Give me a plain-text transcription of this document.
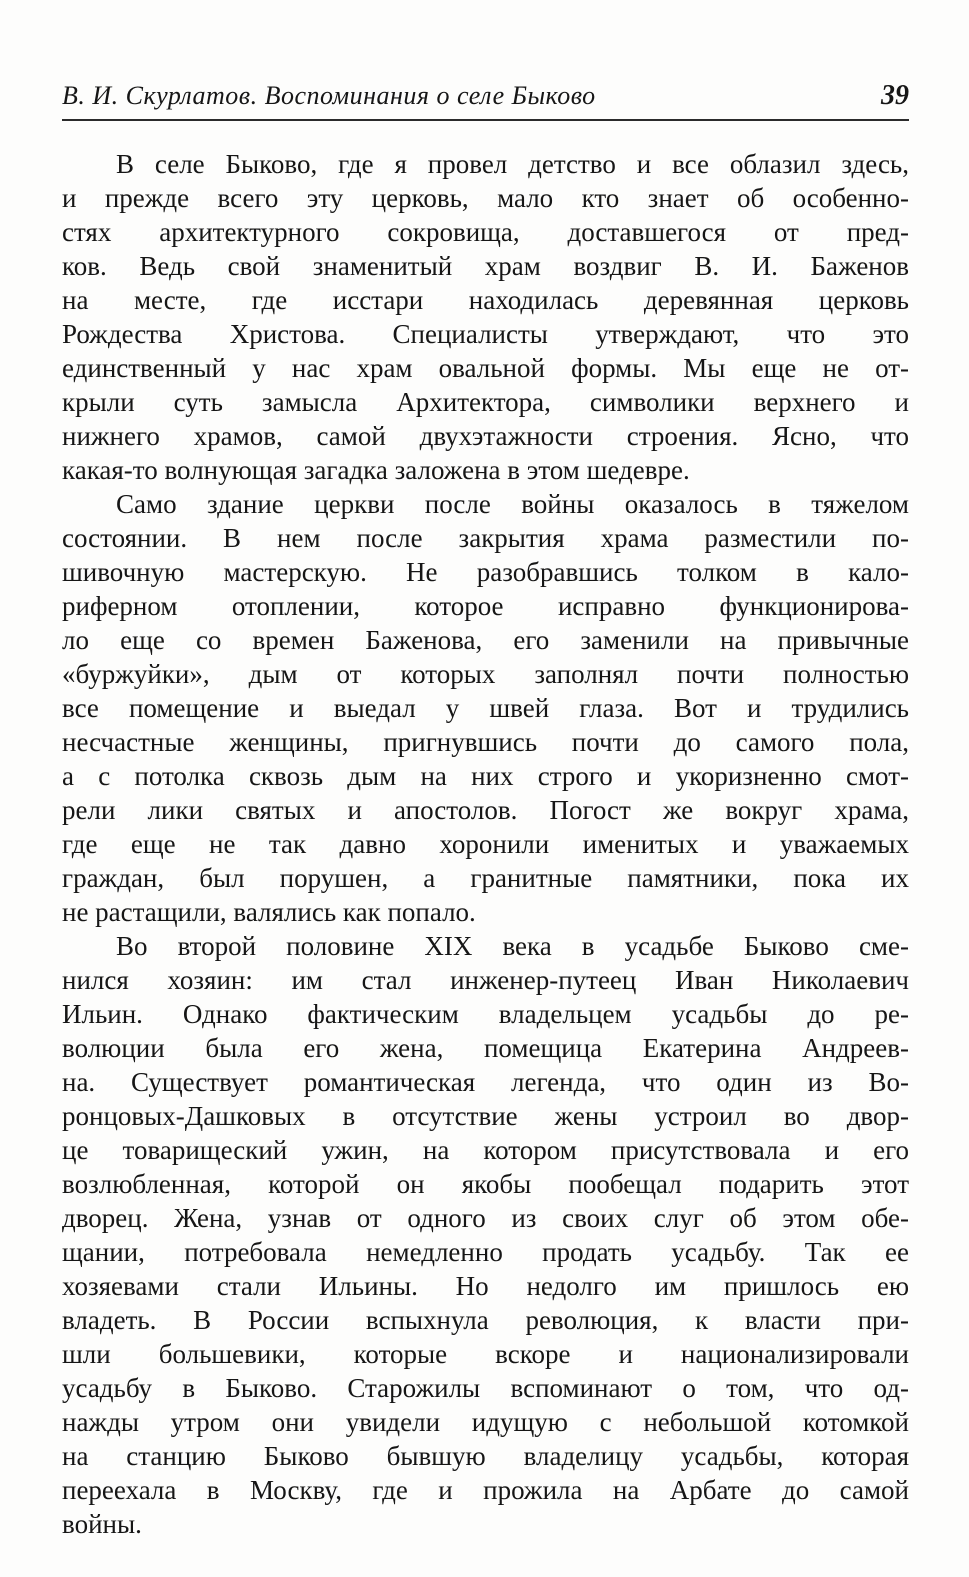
В. И. Скурлатов. Воспоминания о селе Быково	39
В селе Быково, где я провел детство и все облазил здесь,
и прежде всего эту церковь, мало кто знает об особенно-
стях архитектурного сокровища, доставшегося от пред-
ков. Ведь свой знаменитый храм воздвиг В. И. Баженов
на месте, где исстари находилась деревянная церковь
Рождества Христова. Специалисты утверждают, что это
единственный у нас храм овальной формы. Мы еще не от-
крыли суть замысла Архитектора, символики верхнего и
нижнего храмов, самой двухэтажности строения. Ясно, что
какая-то волнующая загадка заложена в этом шедевре.
Само здание церкви после войны оказалось в тяжелом
состоянии. В нем после закрытия храма разместили по-
шивочную мастерскую. Не разобравшись толком в кало-
риферном отоплении, которое исправно функционирова-
ло еще со времен Баженова, его заменили на привычные
«буржуйки», дым от которых заполнял почти полностью
все помещение и выедал у швей глаза. Вот и трудились
несчастные женщины, пригнувшись почти до самого пола,
а с потолка сквозь дым на них строго и укоризненно смот-
рели лики святых и апостолов. Погост же вокруг храма,
где еще не так давно хоронили именитых и уважаемых
граждан, был порушен, а гранитные памятники, пока их
не растащили, валялись как попало.
Во второй половине XIX века в усадьбе Быково сме-
нился хозяин: им стал инженер-путеец Иван Николаевич
Ильин. Однако фактическим владельцем усадьбы до ре-
волюции была его жена, помещица Екатерина Андреев-
на. Существует романтическая легенда, что один из Во-
ронцовых-Дашковых в отсутствие жены устроил во двор-
це товарищеский ужин, на котором присутствовала и его
возлюбленная, которой он якобы пообещал подарить этот
дворец. Жена, узнав от одного из своих слуг об этом обе-
щании, потребовала немедленно продать усадьбу. Так ее
хозяевами стали Ильины. Но недолго им пришлось ею
владеть. В России вспыхнула революция, к власти при-
шли большевики, которые вскоре и национализировали
усадьбу в Быково. Старожилы вспоминают о том, что од-
нажды утром они увидели идущую с небольшой котомкой
на станцию Быково бывшую владелицу усадьбы, которая
переехала в Москву, где и прожила на Арбате до самой
войны.
